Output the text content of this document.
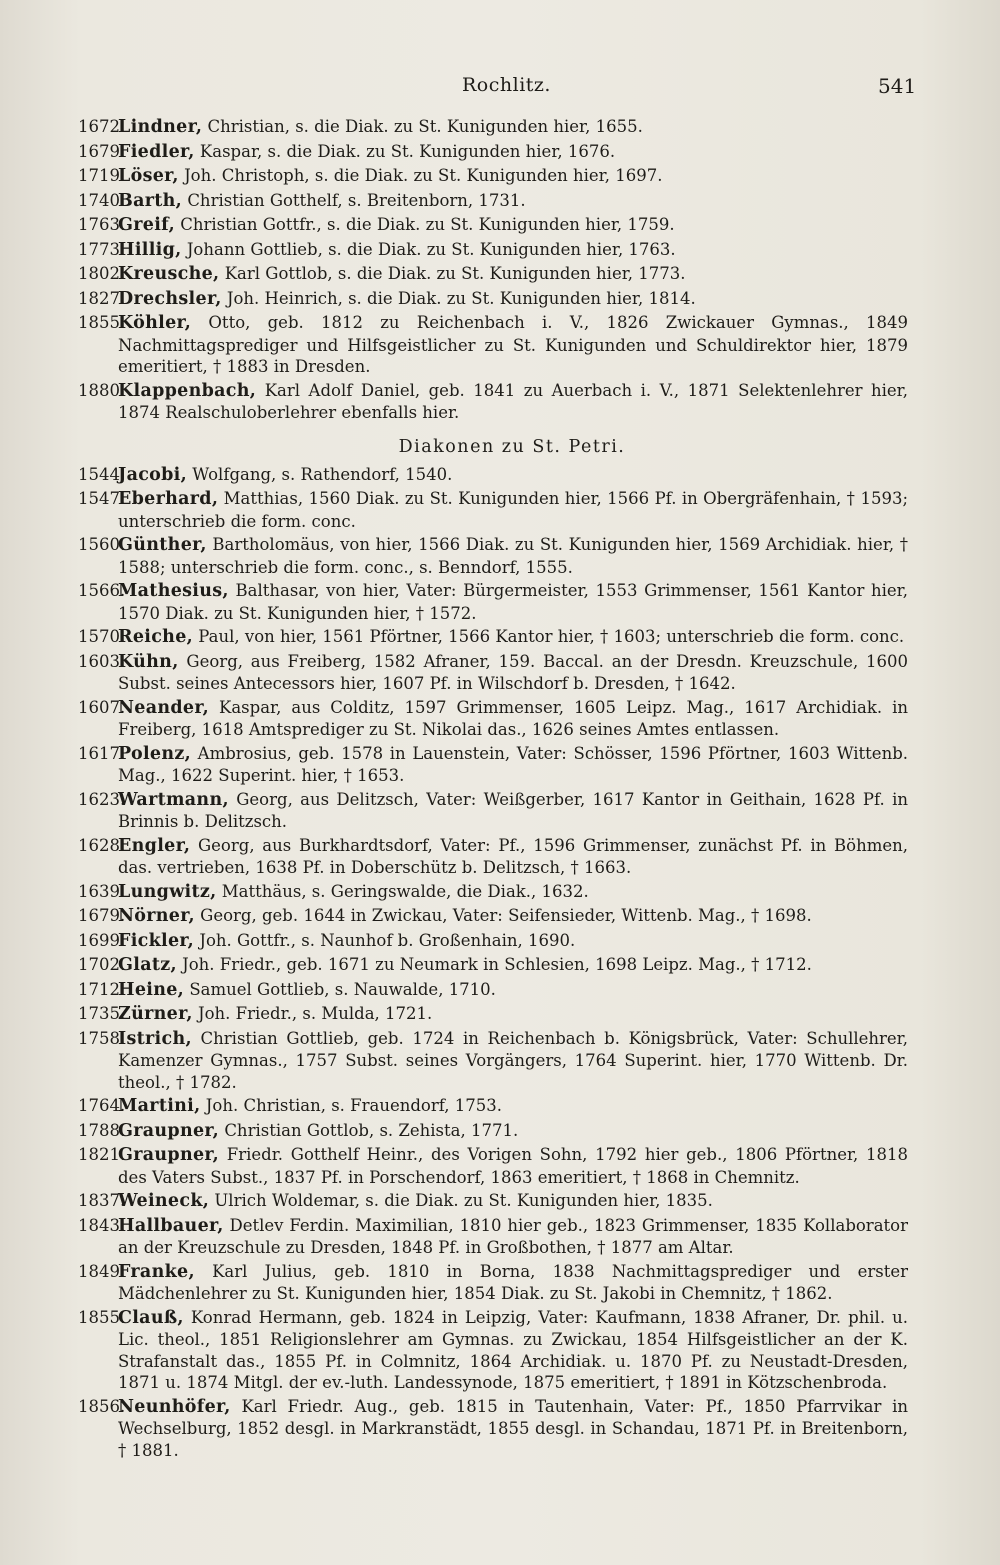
Rochlitz.	541
1672.
Lindner, Christian, s. die Diak. zu St. Kunigunden hier, 1655.
1679.
Fiedler, Kaspar, s. die Diak. zu St. Kunigunden hier, 1676.
1719.
Löser, Joh. Christoph, s. die Diak. zu St. Kunigunden hier, 1697.
1740.
Barth, Christian Gotthelf, s. Breitenborn, 1731.
1763.
Greif, Christian Gottfr., s. die Diak. zu St. Kunigunden hier, 1759.
1773.
Hillig, Johann Gottlieb, s. die Diak. zu St. Kunigunden hier, 1763.
1802.
Kreusche, Karl Gottlob, s. die Diak. zu St. Kunigunden hier, 1773.
1827.
Drechsler, Joh. Heinrich, s. die Diak. zu St. Kunigunden hier, 1814.
1855.
Köhler, Otto, geb. 1812 zu Reichenbach i. V., 1826 Zwickauer Gymnas., 1849 Nachmittagsprediger und Hilfsgeistlicher zu St. Kunigunden und Schuldirektor hier, 1879 emeritiert, † 1883 in Dresden.
1880.
Klappenbach, Karl Adolf Daniel, geb. 1841 zu Auerbach i. V., 1871 Selektenlehrer hier, 1874 Realschuloberlehrer ebenfalls hier.
Diakonen zu St. Petri.
1544.
Jacobi, Wolfgang, s. Rathendorf, 1540.
1547.
Eberhard, Matthias, 1560 Diak. zu St. Kunigunden hier, 1566 Pf. in Obergräfenhain, † 1593; unterschrieb die form. conc.
1560.
Günther, Bartholomäus, von hier, 1566 Diak. zu St. Kunigunden hier, 1569 Archidiak. hier, † 1588; unterschrieb die form. conc., s. Benndorf, 1555.
1566.
Mathesius, Balthasar, von hier, Vater: Bürgermeister, 1553 Grimmenser, 1561 Kantor hier, 1570 Diak. zu St. Kunigunden hier, † 1572.
1570.
Reiche, Paul, von hier, 1561 Pförtner, 1566 Kantor hier, † 1603; unterschrieb die form. conc.
1603.
Kühn, Georg, aus Freiberg, 1582 Afraner, 159. Baccal. an der Dresdn. Kreuzschule, 1600 Subst. seines Antecessors hier, 1607 Pf. in Wilschdorf b. Dresden, † 1642.
1607.
Neander, Kaspar, aus Colditz, 1597 Grimmenser, 1605 Leipz. Mag., 1617 Archidiak. in Freiberg, 1618 Amtsprediger zu St. Nikolai das., 1626 seines Amtes entlassen.
1617.
Polenz, Ambrosius, geb. 1578 in Lauenstein, Vater: Schösser, 1596 Pförtner, 1603 Wittenb. Mag., 1622 Superint. hier, † 1653.
1623.
Wartmann, Georg, aus Delitzsch, Vater: Weißgerber, 1617 Kantor in Geithain, 1628 Pf. in Brinnis b. Delitzsch.
1628.
Engler, Georg, aus Burkhardtsdorf, Vater: Pf., 1596 Grimmenser, zunächst Pf. in Böhmen, das. vertrieben, 1638 Pf. in Doberschütz b. Delitzsch, † 1663.
1639.
Lungwitz, Matthäus, s. Geringswalde, die Diak., 1632.
1679.
Nörner, Georg, geb. 1644 in Zwickau, Vater: Seifensieder, Wittenb. Mag., † 1698.
1699.
Fickler, Joh. Gottfr., s. Naunhof b. Großenhain, 1690.
1702.
Glatz, Joh. Friedr., geb. 1671 zu Neumark in Schlesien, 1698 Leipz. Mag., † 1712.
1712.
Heine, Samuel Gottlieb, s. Nauwalde, 1710.
1735.
Zürner, Joh. Friedr., s. Mulda, 1721.
1758.
Istrich, Christian Gottlieb, geb. 1724 in Reichenbach b. Königsbrück, Vater: Schullehrer, Kamenzer Gymnas., 1757 Subst. seines Vorgängers, 1764 Superint. hier, 1770 Wittenb. Dr. theol., † 1782.
1764.
Martini, Joh. Christian, s. Frauendorf, 1753.
1788.
Graupner, Christian Gottlob, s. Zehista, 1771.
1821.
Graupner, Friedr. Gotthelf Heinr., des Vorigen Sohn, 1792 hier geb., 1806 Pförtner, 1818 des Vaters Subst., 1837 Pf. in Porschendorf, 1863 emeritiert, † 1868 in Chemnitz.
1837.
Weineck, Ulrich Woldemar, s. die Diak. zu St. Kunigunden hier, 1835.
1843.
Hallbauer, Detlev Ferdin. Maximilian, 1810 hier geb., 1823 Grimmenser, 1835 Kollaborator an der Kreuzschule zu Dresden, 1848 Pf. in Großbothen, † 1877 am Altar.
1849.
Franke, Karl Julius, geb. 1810 in Borna, 1838 Nachmittagsprediger und erster Mädchenlehrer zu St. Kunigunden hier, 1854 Diak. zu St. Jakobi in Chemnitz, † 1862.
1855.
Clauß, Konrad Hermann, geb. 1824 in Leipzig, Vater: Kaufmann, 1838 Afraner, Dr. phil. u. Lic. theol., 1851 Religionslehrer am Gymnas. zu Zwickau, 1854 Hilfsgeistlicher an der K. Strafanstalt das., 1855 Pf. in Colmnitz, 1864 Archidiak. u. 1870 Pf. zu Neustadt-Dresden, 1871 u. 1874 Mitgl. der ev.-luth. Landessynode, 1875 emeritiert, † 1891 in Kötzschenbroda.
1856.
Neunhöfer, Karl Friedr. Aug., geb. 1815 in Tautenhain, Vater: Pf., 1850 Pfarrvikar in Wechselburg, 1852 desgl. in Markranstädt, 1855 desgl. in Schandau, 1871 Pf. in Breitenborn, † 1881.
